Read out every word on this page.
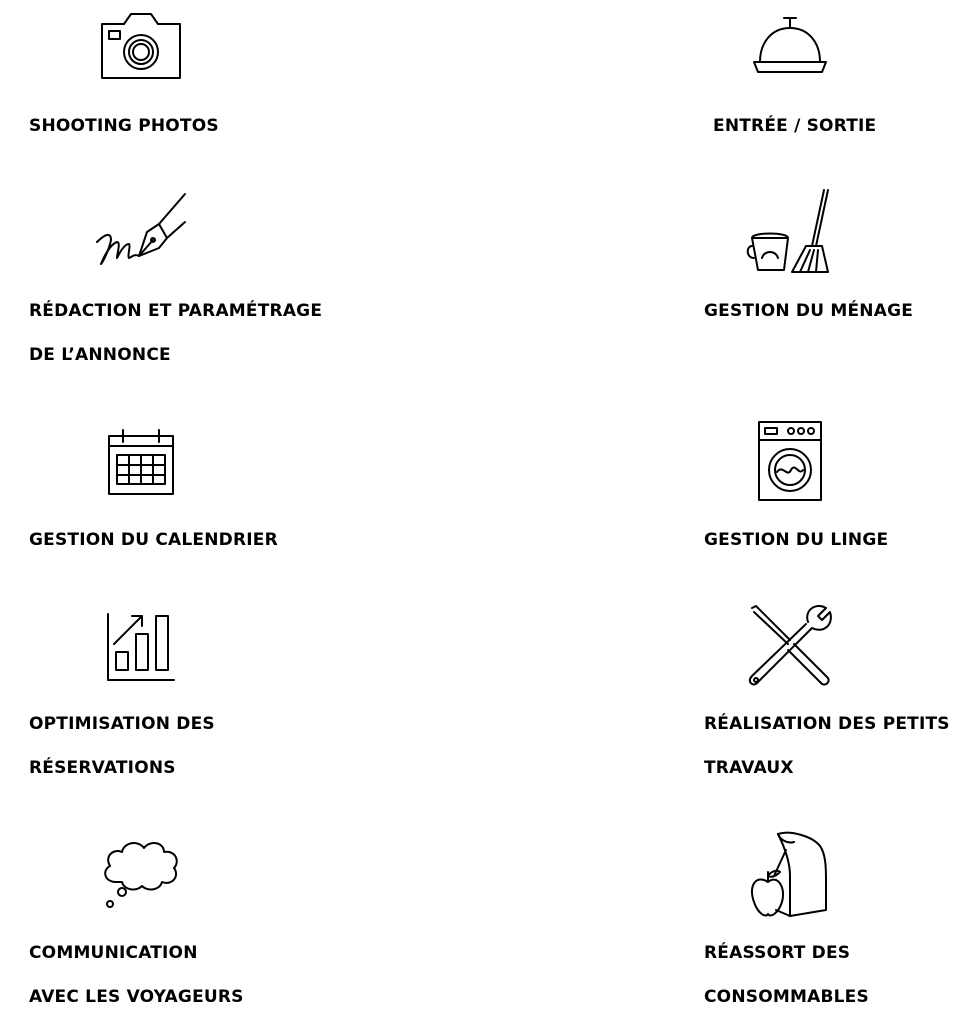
SHOOTING PHOTOS
RÉDACTION ET PARAMÉTRAGE
DE L’ANNONCE
GESTION DU CALENDRIER
OPTIMISATION DES
RÉSERVATIONS
COMMUNICATION
AVEC LES VOYAGEURS
ENTRÉE / SORTIE
GESTION DU MÉNAGE
GESTION DU LINGE
RÉALISATION DES PETITS
TRAVAUX
RÉASSORT DES
CONSOMMABLES
